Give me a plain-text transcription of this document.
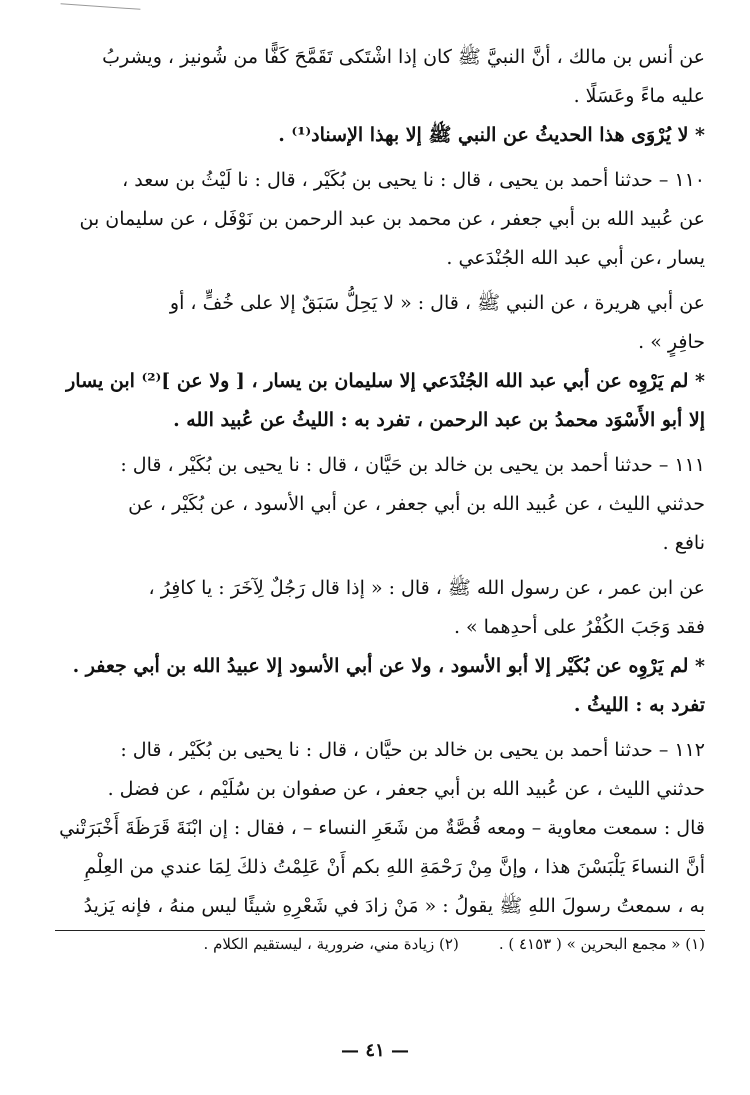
عن أنس بن مالك ، أنَّ النبيَّ ﷺ كان إذا اشْتَكى تَقَمَّحَ كَفًّا من شُونيز ، ويشربُ

عليه ماءً وعَسَلًا .

* لا يُرْوَى هذا الحديثُ عن النبي ﷺ إلا بهذا الإسناد⁽¹⁾ .

١١٠ – حدثنا أحمد بن يحيى ، قال : نا يحيى بن بُكَيْر ، قال : نا لَيْثُ بن سعد ،

عن عُبيد الله بن أبي جعفر ، عن محمد بن عبد الرحمن بن نَوْفَل ، عن سليمان بن

يسار ،عن أبي عبد الله الجُنْدَعي .

عن أبي هريرة ، عن النبي ﷺ ، قال : « لا يَحِلُّ سَبَقٌ إلا على خُفٍّ ، أو

حافِرٍ » .

* لم يَرْوِه عن أبي عبد الله الجُنْدَعي إلا سليمان بن يسار ، [ ولا عن ]⁽²⁾ ابن يسار

إلا أبو الأَسْوَد محمدُ بن عبد الرحمن ، تفرد به : الليثُ عن عُبيد الله .

١١١ – حدثنا أحمد بن يحيى بن خالد بن حَيَّان ، قال : نا يحيى بن بُكَيْر ، قال :

حدثني الليث ، عن عُبيد الله بن أبي جعفر ، عن أبي الأسود ، عن بُكَيْر ، عن

نافع .

عن ابن عمر ، عن رسول الله ﷺ ، قال : « إذا قال رَجُلٌ لِآخَرَ : يا كافِرُ ،

فقد وَجَبَ الكُفْرُ على أحدِهما » .

* لم يَرْوِه عن بُكَيْر إلا أبو الأسود ، ولا عن أبي الأسود إلا عبيدُ الله بن أبي جعفر .

تفرد به : الليثُ .

١١٢ – حدثنا أحمد بن يحيى بن خالد بن حيَّان ، قال : نا يحيى بن بُكَيْر ، قال :

حدثني الليث ، عن عُبيد الله بن أبي جعفر ، عن صفوان بن سُلَيْم ، عن فضل .

قال : سمعت معاوية – ومعه قُصَّةٌ من شَعَرِ النساء – ، فقال : إن ابْنَةَ قَرَظَةَ أَخْبَرَتْني

أنَّ النساءَ يَلْبَسْنَ هذا ، وإنَّ مِنْ رَحْمَةِ اللهِ بكم أَنْ عَلِمْتُ ذلكَ لِمَا عندي من العِلْمِ

به ، سمعتُ رسولَ اللهِ ﷺ يقولُ : « مَنْ زادَ في شَعْرِهِ شيئًا ليس منهُ ، فإنه يَزيدُ

(١) « مجمع البحرين » ( ٤١٥٣ ) .
(٢) زيادة مني، ضرورية ، ليستقيم الكلام .
— ٤١ —
